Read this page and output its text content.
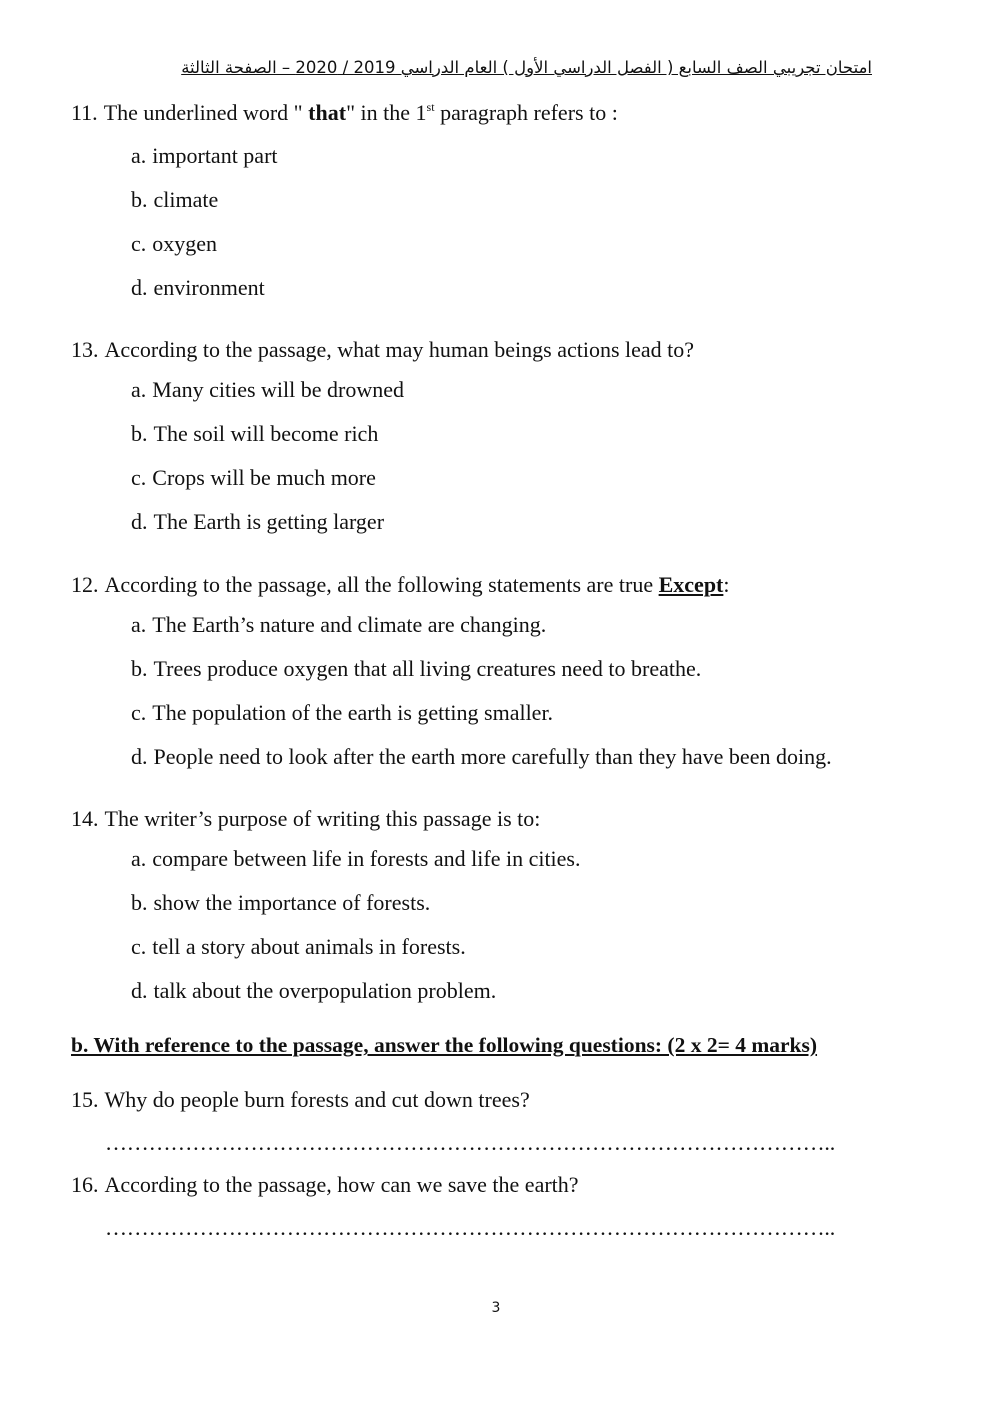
امتحان تجريبي الصف السابع ( الفصل الدراسي الأول ) العام الدراسي 2019 / 2020 – الصفحة الثالثة
11. The underlined word " that" in the 1st paragraph refers to :
a. important part
b. climate
c. oxygen
d. environment
13. According to the passage, what may human beings actions lead to?
a. Many cities will be drowned
b. The soil will become rich
c. Crops will be much more
d. The Earth is getting larger
12. According to the passage, all the following statements are true Except:
a. The Earth’s nature and climate are changing.
b. Trees produce oxygen that all living creatures need to breathe.
c. The population of the earth is getting smaller.
d. People need to look after the earth more carefully than they have been doing.
14. The writer’s purpose of writing this passage is to:
a. compare between life in forests and life in cities.
b. show the importance of forests.
c. tell a story about animals in forests.
d. talk about the overpopulation problem.
b. With reference to the passage, answer the following questions: (2 x 2= 4 marks)
15. Why do people burn forests and cut down trees?
………………………………………………………………………………………..
16. According to the passage, how can we save the earth?
………………………………………………………………………………………..
3
